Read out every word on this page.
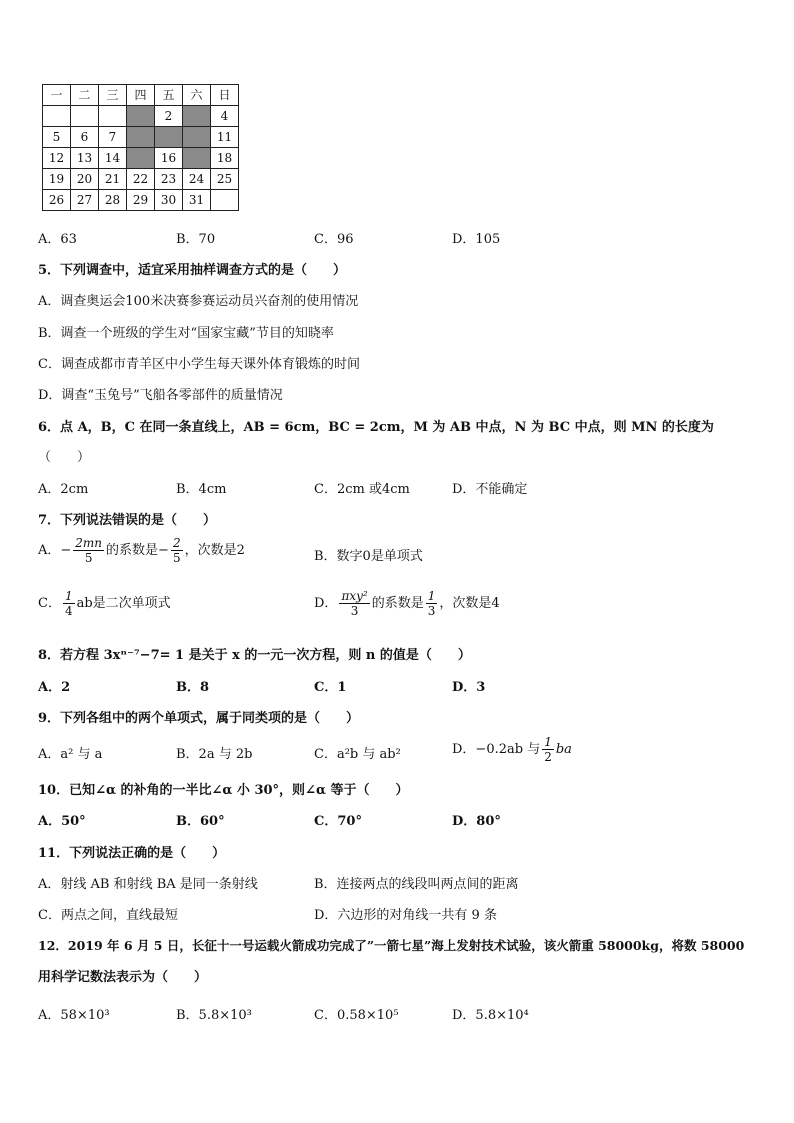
一	二	三	四	五	六	日
				2		4
5	6	7				11
12	13	14		16		18
19	20	21	22	23	24	25
26	27	28	29	30	31	
A．63	B．70	C．96	D．105
5．下列调查中，适宜采用抽样调查方式的是（　　）
A．调查奥运会100米决赛参赛运动员兴奋剂的使用情况
B．调查一个班级的学生对“国家宝藏”节目的知晓率
C．调查成都市青羊区中小学生每天课外体育锻炼的时间
D．调查“玉兔号”飞船各零部件的质量情况
6．点 A，B，C 在同一条直线上，AB = 6cm，BC = 2cm，M 为 AB 中点，N 为 BC 中点，则 MN 的长度为
（　　）
A．2cm	B．4cm	C．2cm 或4cm	D．不能确定
7．下列说法错误的是（　　）
A．− $\frac{2mn}{5}$ 的系数是− $\frac{2}{5}$ ，次数是2	B．数字0是单项式
C． $\frac{1}{4}$ ab是二次单项式	D． $\frac{\text{πxy²}}{3}$ 的系数是 $\frac{1}{3}$ ，次数是4
8．若方程 3xⁿ⁻⁷−7= 1 是关于 x 的一元一次方程，则 n 的值是（　　）
A．2	B．8	C．1	D．3
9．下列各组中的两个单项式，属于同类项的是（　　）
A．a² 与 a	B．2a 与 2b	C．a²b 与 ab²	D．−0.2ab 与 $\frac{1}{2}$ ba
10．已知∠α 的补角的一半比∠α 小 30°，则∠α 等于（　　）
A．50°	B．60°	C．70°	D．80°
11．下列说法正确的是（　　）
A．射线 AB 和射线 BA 是同一条射线	B．连接两点的线段叫两点间的距离
C．两点之间，直线最短	D．六边形的对角线一共有 9 条
12．2019 年 6 月 5 日，长征十一号运载火箭成功完成了”一箭七星”海上发射技术试验，该火箭重 58000kg，将数 58000
用科学记数法表示为（　　）
A．58×10³	B．5.8×10³	C．0.58×10⁵	D．5.8×10⁴
